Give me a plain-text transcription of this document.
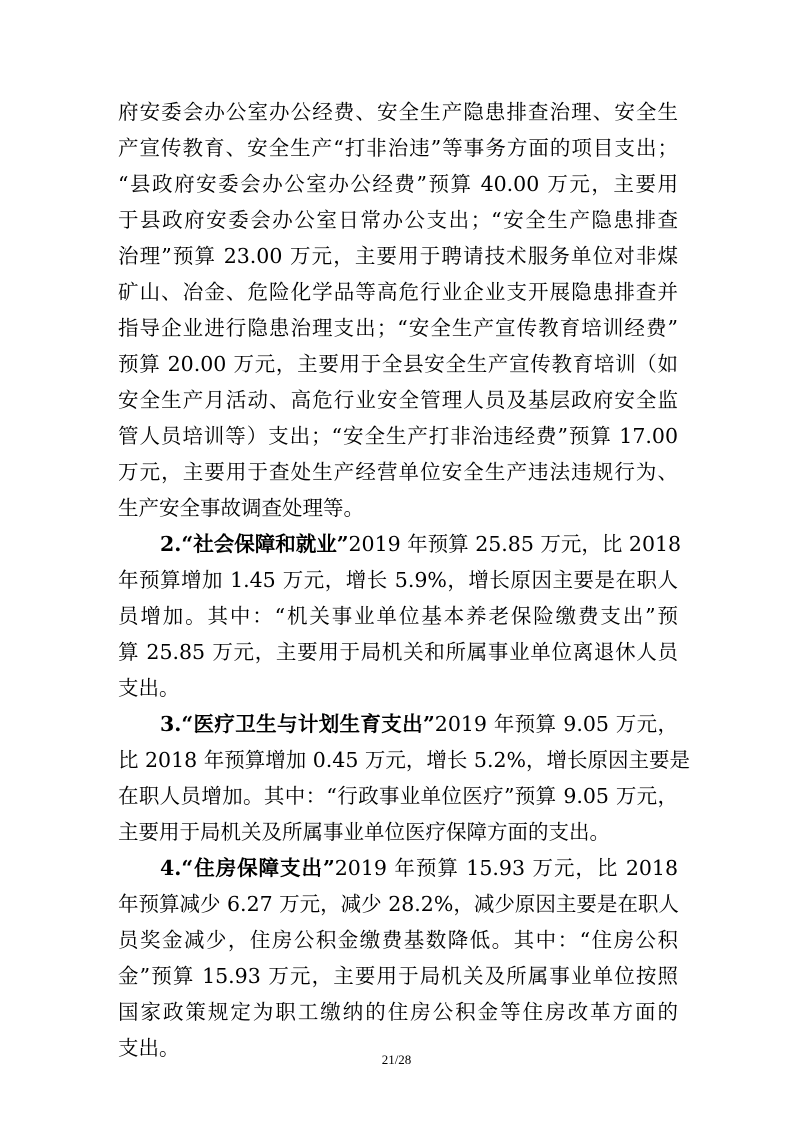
府安委会办公室办公经费、安全生产隐患排查治理、安全生
产宣传教育、安全生产“打非治违”等事务方面的项目支出；
“县政府安委会办公室办公经费”预算 40.00 万元，主要用
于县政府安委会办公室日常办公支出；“安全生产隐患排查
治理”预算 23.00 万元，主要用于聘请技术服务单位对非煤
矿山、冶金、危险化学品等高危行业企业支开展隐患排查并
指导企业进行隐患治理支出；“安全生产宣传教育培训经费”
预算 20.00 万元，主要用于全县安全生产宣传教育培训（如
安全生产月活动、高危行业安全管理人员及基层政府安全监
管人员培训等）支出；“安全生产打非治违经费”预算 17.00
万元，主要用于查处生产经营单位安全生产违法违规行为、
生产安全事故调查处理等。
2.“社会保障和就业”2019 年预算 25.85 万元，比 2018
年预算增加 1.45 万元，增长 5.9%，增长原因主要是在职人
员增加。其中：“机关事业单位基本养老保险缴费支出”预
算 25.85 万元，主要用于局机关和所属事业单位离退休人员
支出。
3.“医疗卫生与计划生育支出”2019 年预算 9.05 万元，
比 2018 年预算增加 0.45 万元，增长 5.2%，增长原因主要是
在职人员增加。其中：“行政事业单位医疗”预算 9.05 万元，
主要用于局机关及所属事业单位医疗保障方面的支出。
4.“住房保障支出”2019 年预算 15.93 万元，比 2018
年预算减少 6.27 万元，减少 28.2%，减少原因主要是在职人
员奖金减少，住房公积金缴费基数降低。其中：“住房公积
金”预算 15.93 万元，主要用于局机关及所属事业单位按照
国家政策规定为职工缴纳的住房公积金等住房改革方面的
支出。	21/28
